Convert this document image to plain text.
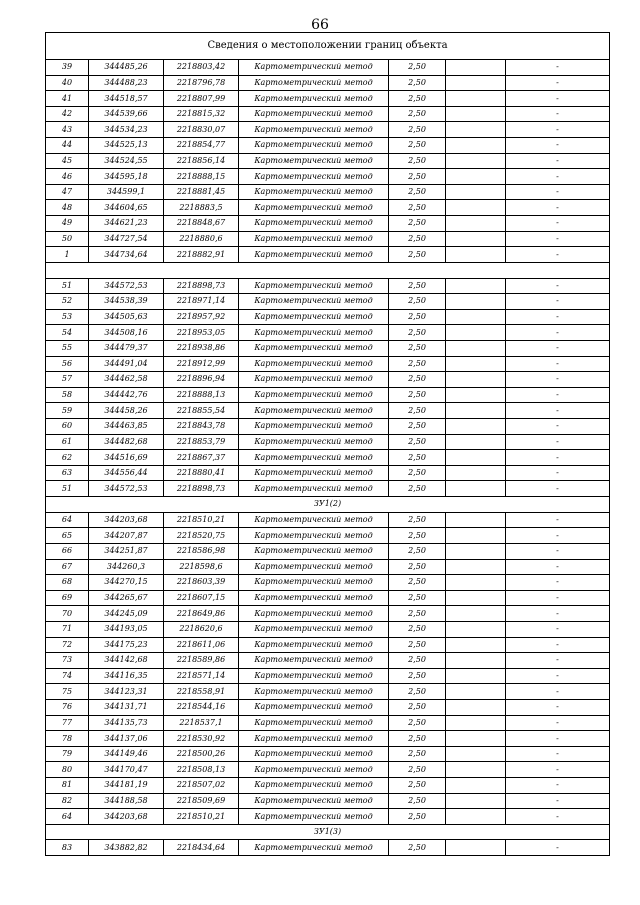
66
Сведения о местоположении границ объекта						
39	344485,26	2218803,42	Картометрический метод	2,50		-
40	344488,23	2218796,78	Картометрический метод	2,50		-
41	344518,57	2218807,99	Картометрический метод	2,50		-
42	344539,66	2218815,32	Картометрический метод	2,50		-
43	344534,23	2218830,07	Картометрический метод	2,50		-
44	344525,13	2218854,77	Картометрический метод	2,50		-
45	344524,55	2218856,14	Картометрический метод	2,50		-
46	344595,18	2218888,15	Картометрический метод	2,50		-
47	344599,1	2218881,45	Картометрический метод	2,50		-
48	344604,65	2218883,5	Картометрический метод	2,50		-
49	344621,23	2218848,67	Картометрический метод	2,50		-
50	344727,54	2218880,6	Картометрический метод	2,50		-
1	344734,64	2218882,91	Картометрический метод	2,50		-

51	344572,53	2218898,73	Картометрический метод	2,50		-
52	344538,39	2218971,14	Картометрический метод	2,50		-
53	344505,63	2218957,92	Картометрический метод	2,50		-
54	344508,16	2218953,05	Картометрический метод	2,50		-
55	344479,37	2218938,86	Картометрический метод	2,50		-
56	344491,04	2218912,99	Картометрический метод	2,50		-
57	344462,58	2218896,94	Картометрический метод	2,50		-
58	344442,76	2218888,13	Картометрический метод	2,50		-
59	344458,26	2218855,54	Картометрический метод	2,50		-
60	344463,85	2218843,78	Картометрический метод	2,50		-
61	344482,68	2218853,79	Картометрический метод	2,50		-
62	344516,69	2218867,37	Картометрический метод	2,50		-
63	344556,44	2218880,41	Картометрический метод	2,50		-
51	344572,53	2218898,73	Картометрический метод	2,50		-
ЗУ1(2)						
64	344203,68	2218510,21	Картометрический метод	2,50		-
65	344207,87	2218520,75	Картометрический метод	2,50		-
66	344251,87	2218586,98	Картометрический метод	2,50		-
67	344260,3	2218598,6	Картометрический метод	2,50		-
68	344270,15	2218603,39	Картометрический метод	2,50		-
69	344265,67	2218607,15	Картометрический метод	2,50		-
70	344245,09	2218649,86	Картометрический метод	2,50		-
71	344193,05	2218620,6	Картометрический метод	2,50		-
72	344175,23	2218611,06	Картометрический метод	2,50		-
73	344142,68	2218589,86	Картометрический метод	2,50		-
74	344116,35	2218571,14	Картометрический метод	2,50		-
75	344123,31	2218558,91	Картометрический метод	2,50		-
76	344131,71	2218544,16	Картометрический метод	2,50		-
77	344135,73	2218537,1	Картометрический метод	2,50		-
78	344137,06	2218530,92	Картометрический метод	2,50		-
79	344149,46	2218500,26	Картометрический метод	2,50		-
80	344170,47	2218508,13	Картометрический метод	2,50		-
81	344181,19	2218507,02	Картометрический метод	2,50		-
82	344188,58	2218509,69	Картометрический метод	2,50		-
64	344203,68	2218510,21	Картометрический метод	2,50		-
ЗУ1(3)						
83	343882,82	2218434,64	Картометрический метод	2,50		-
